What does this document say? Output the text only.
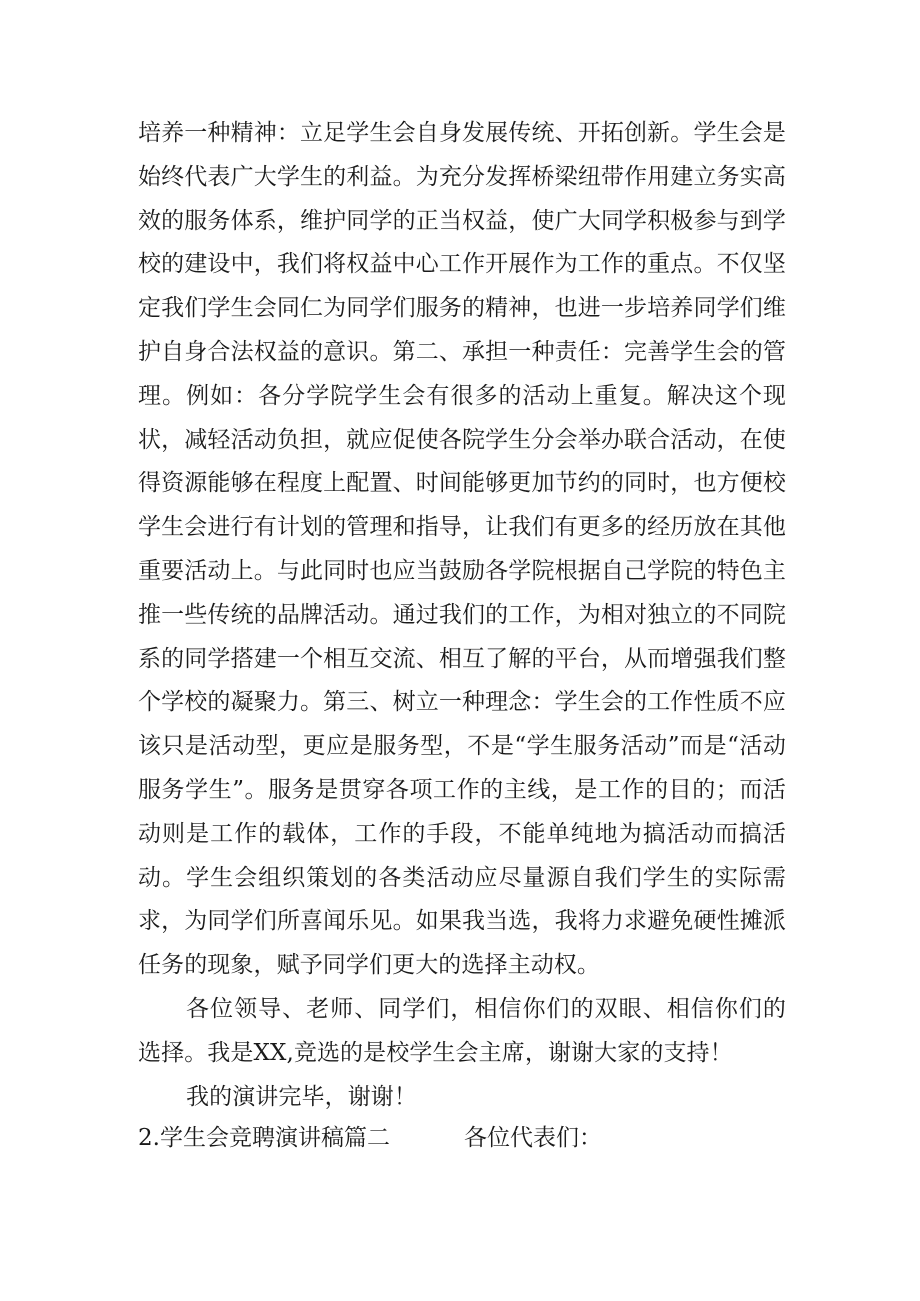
培养一种精神：立足学生会自身发展传统、开拓创新。学生会是始终代表广大学生的利益。为充分发挥桥梁纽带作用建立务实高效的服务体系，维护同学的正当权益，使广大同学积极参与到学校的建设中，我们将权益中心工作开展作为工作的重点。不仅坚定我们学生会同仁为同学们服务的精神，也进一步培养同学们维护自身合法权益的意识。第二、承担一种责任：完善学生会的管理。例如：各分学院学生会有很多的活动上重复。解决这个现状，减轻活动负担，就应促使各院学生分会举办联合活动，在使得资源能够在程度上配置、时间能够更加节约的同时，也方便校学生会进行有计划的管理和指导，让我们有更多的经历放在其他重要活动上。与此同时也应当鼓励各学院根据自己学院的特色主推一些传统的品牌活动。通过我们的工作，为相对独立的不同院系的同学搭建一个相互交流、相互了解的平台，从而增强我们整个学校的凝聚力。第三、树立一种理念：学生会的工作性质不应该只是活动型，更应是服务型，不是“学生服务活动”而是“活动服务学生”。服务是贯穿各项工作的主线，是工作的目的；而活动则是工作的载体，工作的手段，不能单纯地为搞活动而搞活动。学生会组织策划的各类活动应尽量源自我们学生的实际需求，为同学们所喜闻乐见。如果我当选，我将力求避免硬性摊派任务的现象，赋予同学们更大的选择主动权。

各位领导、老师、同学们，相信你们的双眼、相信你们的选择。我是XX,竞选的是校学生会主席，谢谢大家的支持！

我的演讲完毕，谢谢！

2.学生会竞聘演讲稿篇二	各位代表们：
